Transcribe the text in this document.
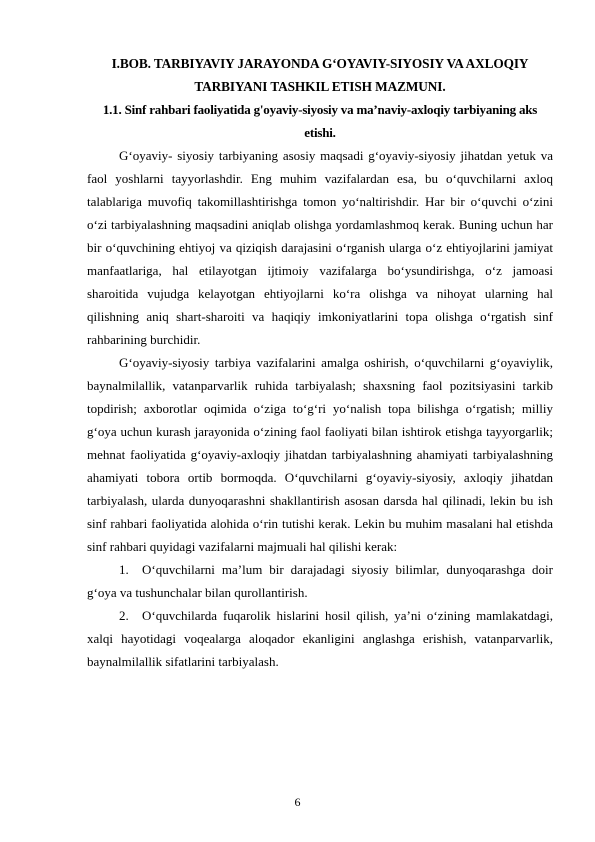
I.BOB. TARBIYAVIY JARAYONDA G‘OYAVIY-SIYOSIY VA AXLOQIY TARBIYANI TASHKIL ETISH MAZMUNI.

1.1. Sinf rahbari faoliyatida g'oyaviy-siyosiy va ma’naviy-axloqiy tarbiyaning aks etishi.

G‘oyaviy- siyosiy tarbiyaning asosiy maqsadi g‘oyaviy-siyosiy jihatdan yetuk va faol yoshlarni tayyorlashdir. Eng muhim vazifalardan esa, bu o‘quvchilarni axloq talablariga muvofiq takomillashtirishga tomon yo‘naltirishdir. Har bir o‘quvchi o‘zini o‘zi tarbiyalashning maqsadini aniqlab olishga yordamlashmoq kerak. Buning uchun har bir o‘quvchining ehtiyoj va qiziqish darajasini o‘rganish ularga o‘z ehtiyojlarini jamiyat manfaatlariga, hal etilayotgan ijtimoiy vazifalarga bo‘ysundirishga, o‘z jamoasi sharoitida vujudga kelayotgan ehtiyojlarni ko‘ra olishga va nihoyat ularning hal qilishning aniq shart-sharoiti va haqiqiy imkoniyatlarini topa olishga o‘rgatish sinf rahbarining burchidir.

G‘oyaviy-siyosiy tarbiya vazifalarini amalga oshirish, o‘quvchilarni g‘oyaviylik, baynalmilallik, vatanparvarlik ruhida tarbiyalash; shaxsning faol pozitsiyasini tarkib topdirish; axborotlar oqimida o‘ziga to‘g‘ri yo‘nalish topa bilishga o‘rgatish; milliy g‘oya uchun kurash jarayonida o‘zining faol faoliyati bilan ishtirok etishga tayyorgarlik; mehnat faoliyatida g‘oyaviy-axloqiy jihatdan tarbiyalashning ahamiyati tarbiyalashning ahamiyati tobora ortib bormoqda. O‘quvchilarni g‘oyaviy-siyosiy, axloqiy jihatdan tarbiyalash, ularda dunyoqarashni shakllantirish asosan darsda hal qilinadi, lekin bu ish sinf rahbari faoliyatida alohida o‘rin tutishi kerak. Lekin bu muhim masalani hal etishda sinf rahbari quyidagi vazifalarni majmuali hal qilishi kerak:

1. O‘quvchilarni ma’lum bir darajadagi siyosiy bilimlar, dunyoqarashga doir g‘oya va tushunchalar bilan qurollantirish.

2. O‘quvchilarda fuqarolik hislarini hosil qilish, ya’ni o‘zining mamlakatdagi, xalqi hayotidagi voqealarga aloqador ekanligini anglashga erishish, vatanparvarlik, baynalmilallik sifatlarini tarbiyalash.

6
